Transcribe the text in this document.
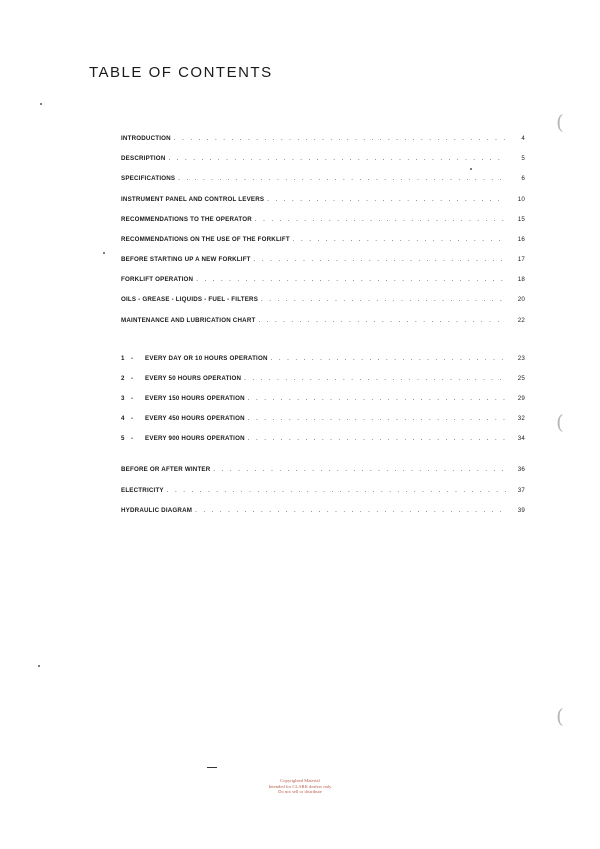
TABLE OF CONTENTS
INTRODUCTION . . .	4
DESCRIPTION . . .	5
SPECIFICATIONS . . .	6
INSTRUMENT PANEL AND CONTROL LEVERS . . .	10
RECOMMENDATIONS TO THE OPERATOR . . .	15
RECOMMENDATIONS ON THE USE OF THE FORKLIFT . . .	16
BEFORE STARTING UP A NEW FORKLIFT . . .	17
FORKLIFT OPERATION . . .	18
OILS - GREASE - LIQUIDS - FUEL - FILTERS . . .	20
MAINTENANCE AND LUBRICATION CHART . . .	22
1 - EVERY DAY OR 10 HOURS OPERATION . . .	23
2 - EVERY 50 HOURS OPERATION . . .	25
3 - EVERY 150 HOURS OPERATION . . .	29
4 - EVERY 450 HOURS OPERATION . . .	32
5 - EVERY 900 HOURS OPERATION . . .	34
BEFORE OR AFTER WINTER . . .	36
ELECTRICITY . . .	37
HYDRAULIC DIAGRAM . . .	39
(
(
(
Copyrighted Material
Intended for CLARK dealers only
Do not sell or distribute
